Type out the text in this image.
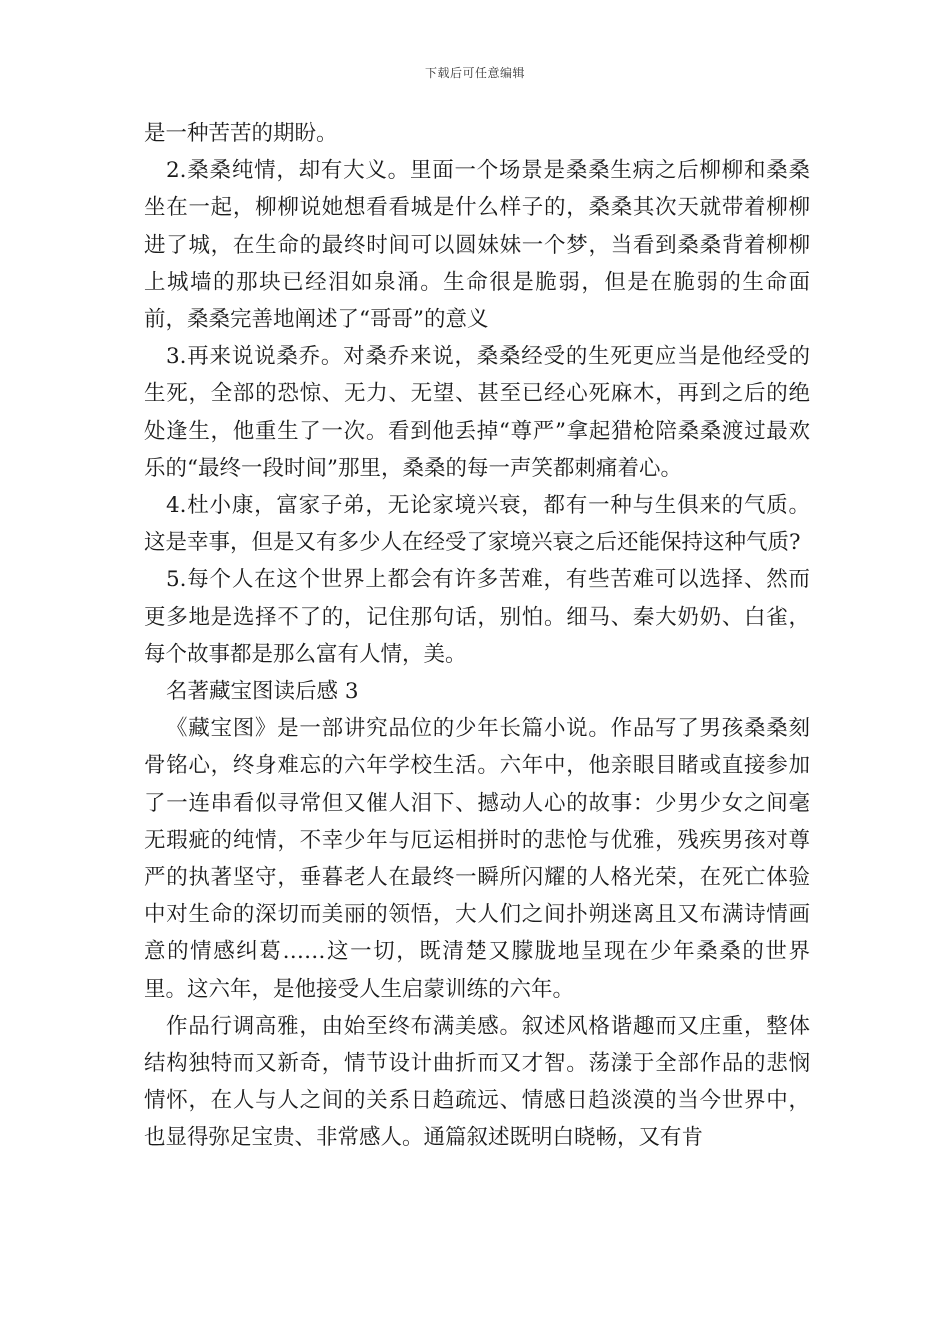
下载后可任意编辑

是一种苦苦的期盼。

2.桑桑纯情，却有大义。里面一个场景是桑桑生病之后柳柳和桑桑坐在一起，柳柳说她想看看城是什么样子的，桑桑其次天就带着柳柳进了城，在生命的最终时间可以圆妹妹一个梦，当看到桑桑背着柳柳上城墙的那块已经泪如泉涌。生命很是脆弱，但是在脆弱的生命面前，桑桑完善地阐述了“哥哥”的意义

3.再来说说桑乔。对桑乔来说，桑桑经受的生死更应当是他经受的生死，全部的恐惊、无力、无望、甚至已经心死麻木，再到之后的绝处逢生，他重生了一次。看到他丢掉“尊严”拿起猎枪陪桑桑渡过最欢乐的“最终一段时间”那里，桑桑的每一声笑都刺痛着心。

4.杜小康，富家子弟，无论家境兴衰，都有一种与生俱来的气质。这是幸事，但是又有多少人在经受了家境兴衰之后还能保持这种气质?

5.每个人在这个世界上都会有许多苦难，有些苦难可以选择、然而更多地是选择不了的，记住那句话，别怕。细马、秦大奶奶、白雀，每个故事都是那么富有人情，美。

名著藏宝图读后感 3

《藏宝图》是一部讲究品位的少年长篇小说。作品写了男孩桑桑刻骨铭心，终身难忘的六年学校生活。六年中，他亲眼目睹或直接参加了一连串看似寻常但又催人泪下、撼动人心的故事：少男少女之间毫无瑕疵的纯情，不幸少年与厄运相拼时的悲怆与优雅，残疾男孩对尊严的执著坚守，垂暮老人在最终一瞬所闪耀的人格光荣，在死亡体验中对生命的深切而美丽的领悟，大人们之间扑朔迷离且又布满诗情画意的情感纠葛……这一切，既清楚又朦胧地呈现在少年桑桑的世界里。这六年，是他接受人生启蒙训练的六年。

作品行调高雅，由始至终布满美感。叙述风格谐趣而又庄重，整体结构独特而又新奇，情节设计曲折而又才智。荡漾于全部作品的悲悯情怀，在人与人之间的关系日趋疏远、情感日趋淡漠的当今世界中，也显得弥足宝贵、非常感人。通篇叙述既明白晓畅，又有肯
